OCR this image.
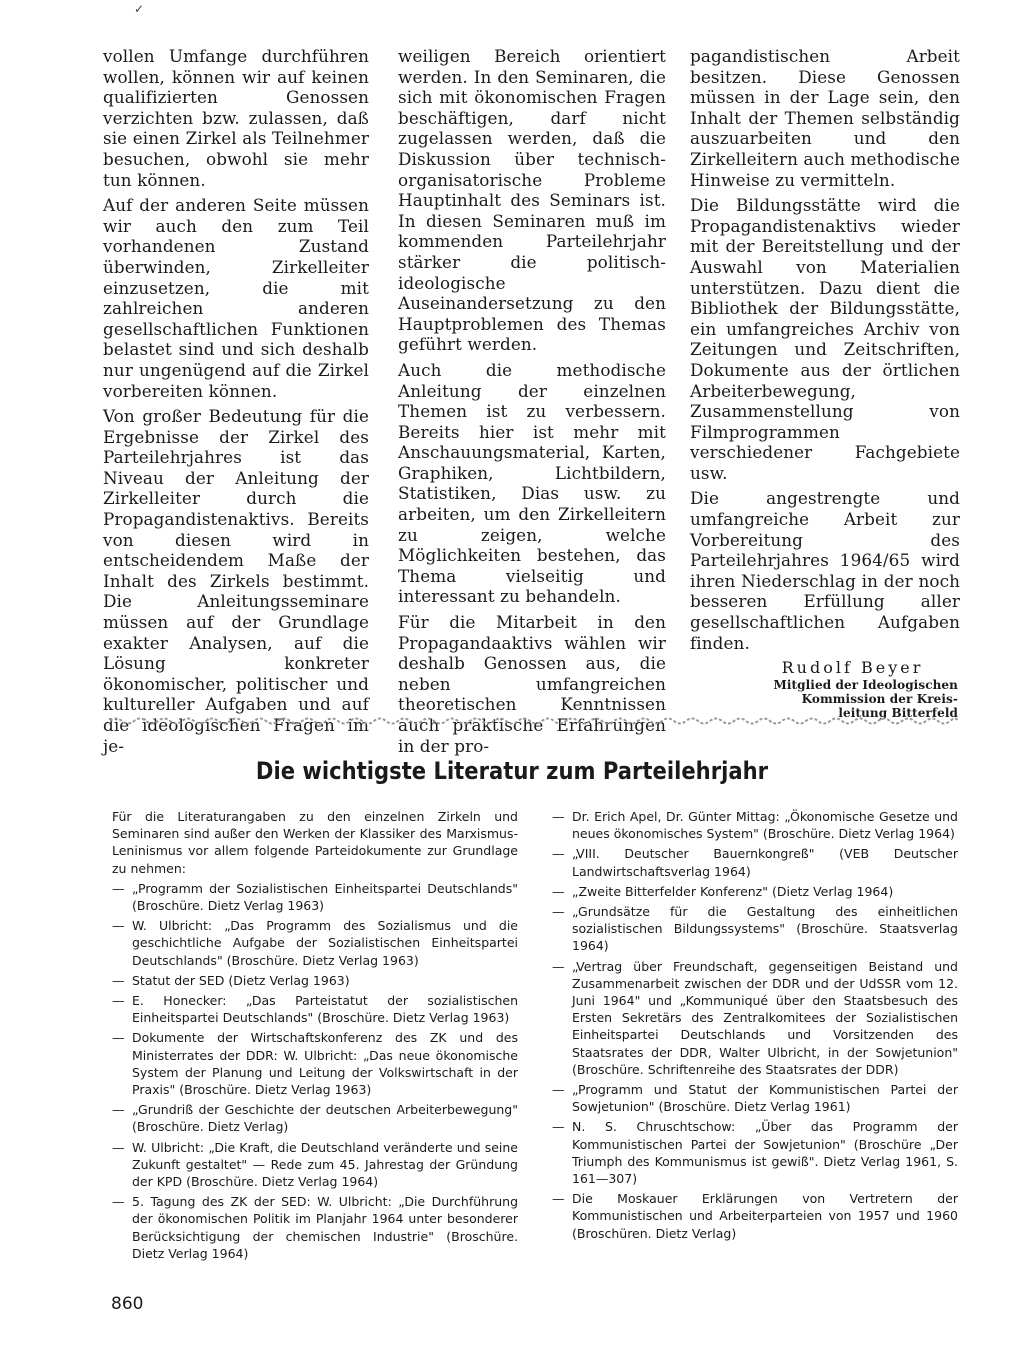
✓

vollen Umfange durchführen wollen, können wir auf keinen qualifizierten Genossen verzichten bzw. zulassen, daß sie einen Zirkel als Teilnehmer besuchen, obwohl sie mehr tun können.

Auf der anderen Seite müssen wir auch den zum Teil vorhandenen Zustand überwinden, Zirkelleiter einzusetzen, die mit zahlreichen anderen gesellschaftlichen Funktionen belastet sind und sich deshalb nur ungenügend auf die Zirkel vorbereiten können.

Von großer Bedeutung für die Ergebnisse der Zirkel des Parteilehrjahres ist das Niveau der Anleitung der Zirkelleiter durch die Propagandistenaktivs. Bereits von diesen wird in entscheidendem Maße der Inhalt des Zirkels bestimmt. Die Anleitungsseminare müssen auf der Grundlage exakter Analysen, auf die Lösung konkreter ökonomischer, politischer und kultureller Aufgaben und auf die ideologischen Fragen im je-

weiligen Bereich orientiert werden. In den Seminaren, die sich mit ökonomischen Fragen beschäftigen, darf nicht zugelassen werden, daß die Diskussion über technisch-organisatorische Probleme Hauptinhalt des Seminars ist. In diesen Seminaren muß im kommenden Parteilehrjahr stärker die politisch-ideologische Auseinandersetzung zu den Hauptproblemen des Themas geführt werden.

Auch die methodische Anleitung der einzelnen Themen ist zu verbessern. Bereits hier ist mehr mit Anschauungsmaterial, Karten, Graphiken, Lichtbildern, Statistiken, Dias usw. zu arbeiten, um den Zirkelleitern zu zeigen, welche Möglichkeiten bestehen, das Thema vielseitig und interessant zu behandeln.

Für die Mitarbeit in den Propagandaaktivs wählen wir deshalb Genossen aus, die neben umfangreichen theoretischen Kenntnissen auch praktische Erfahrungen in der pro-

pagandistischen Arbeit besitzen. Diese Genossen müssen in der Lage sein, den Inhalt der Themen selbständig auszuarbeiten und den Zirkelleitern auch methodische Hinweise zu vermitteln.

Die Bildungsstätte wird die Propagandistenaktivs wieder mit der Bereitstellung und der Auswahl von Materialien unterstützen. Dazu dient die Bibliothek der Bildungsstätte, ein umfangreiches Archiv von Zeitungen und Zeitschriften, Dokumente aus der örtlichen Arbeiterbewegung, Zusammenstellung von Filmprogrammen verschiedener Fachgebiete usw.

Die angestrengte und umfangreiche Arbeit zur Vorbereitung des Parteilehrjahres 1964/65 wird ihren Niederschlag in der noch besseren Erfüllung aller gesellschaftlichen Aufgaben finden.

Rudolf Beyer
Mitglied der Ideologischen
Kommission der Kreis-
leitung Bitterfeld
Die wichtigste Literatur zum Parteilehrjahr

Für die Literaturangaben zu den einzelnen Zirkeln und Seminaren sind außer den Werken der Klassiker des Marxismus-Leninismus vor allem folgende Parteidokumente zur Grundlage zu nehmen:

— „Programm der Sozialistischen Einheitspartei Deutschlands" (Broschüre. Dietz Verlag 1963)
— W. Ulbricht: „Das Programm des Sozialismus und die geschichtliche Aufgabe der Sozialistischen Einheitspartei Deutschlands" (Broschüre. Dietz Verlag 1963)
— Statut der SED (Dietz Verlag 1963)
— E. Honecker: „Das Parteistatut der sozialistischen Einheitspartei Deutschlands" (Broschüre. Dietz Verlag 1963)
— Dokumente der Wirtschaftskonferenz des ZK und des Ministerrates der DDR: W. Ulbricht: „Das neue ökonomische System der Planung und Leitung der Volkswirtschaft in der Praxis" (Broschüre. Dietz Verlag 1963)
— „Grundriß der Geschichte der deutschen Arbeiterbewegung" (Broschüre. Dietz Verlag)
— W. Ulbricht: „Die Kraft, die Deutschland veränderte und seine Zukunft gestaltet" — Rede zum 45. Jahrestag der Gründung der KPD (Broschüre. Dietz Verlag 1964)
— 5. Tagung des ZK der SED: W. Ulbricht: „Die Durchführung der ökonomischen Politik im Planjahr 1964 unter besonderer Berücksichtigung der chemischen Industrie" (Broschüre. Dietz Verlag 1964)
— Dr. Erich Apel, Dr. Günter Mittag: „Ökonomische Gesetze und neues ökonomisches System" (Broschüre. Dietz Verlag 1964)
— „VIII. Deutscher Bauernkongreß" (VEB Deutscher Landwirtschaftsverlag 1964)
— „Zweite Bitterfelder Konferenz" (Dietz Verlag 1964)
— „Grundsätze für die Gestaltung des einheitlichen sozialistischen Bildungssystems" (Broschüre. Staatsverlag 1964)
— „Vertrag über Freundschaft, gegenseitigen Beistand und Zusammenarbeit zwischen der DDR und der UdSSR vom 12. Juni 1964" und „Kommuniqué über den Staatsbesuch des Ersten Sekretärs des Zentralkomitees der Sozialistischen Einheitspartei Deutschlands und Vorsitzenden des Staatsrates der DDR, Walter Ulbricht, in der Sowjetunion" (Broschüre. Schriftenreihe des Staatsrates der DDR)
— „Programm und Statut der Kommunistischen Partei der Sowjetunion" (Broschüre. Dietz Verlag 1961)
— N. S. Chruschtschow: „Über das Programm der Kommunistischen Partei der Sowjetunion" (Broschüre „Der Triumph des Kommunismus ist gewiß". Dietz Verlag 1961, S. 161—307)
— Die Moskauer Erklärungen von Vertretern der Kommunistischen und Arbeiterparteien von 1957 und 1960 (Broschüren. Dietz Verlag)
860
